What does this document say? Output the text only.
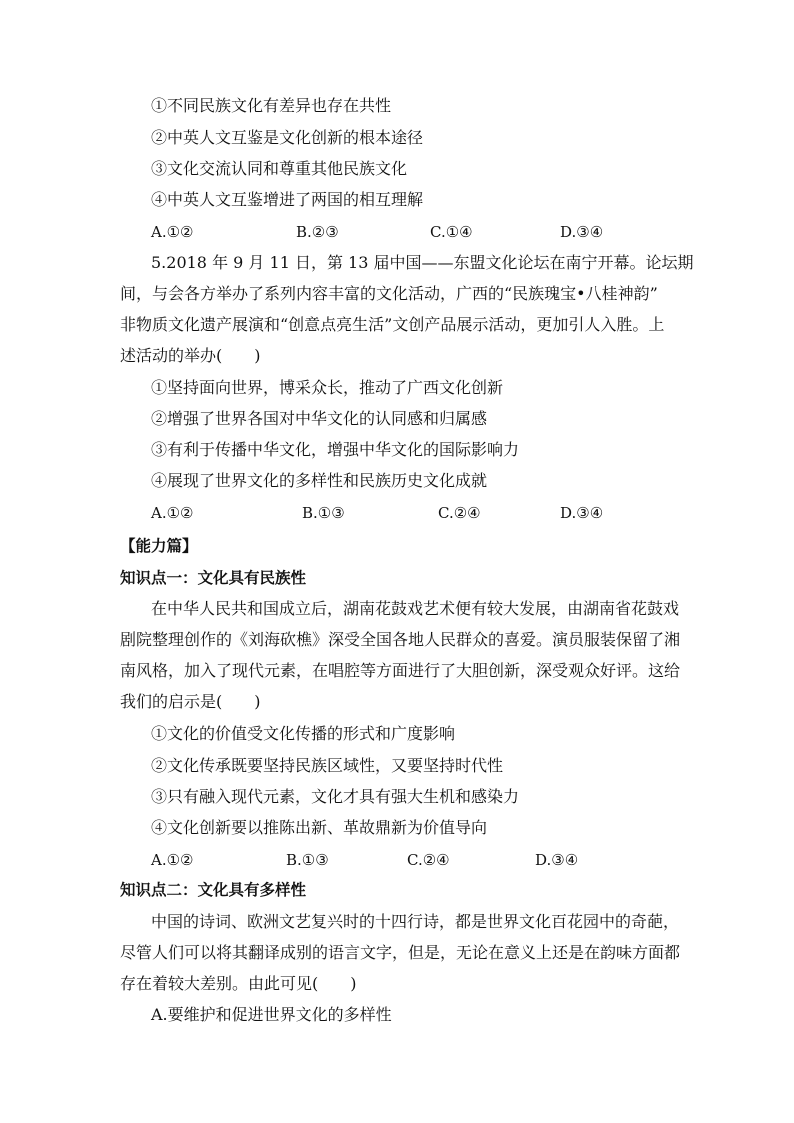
①不同民族文化有差异也存在共性
②中英人文互鉴是文化创新的根本途径
③文化交流认同和尊重其他民族文化
④中英人文互鉴增进了两国的相互理解
A.①②	B.②③	C.①④	D.③④
5.2018 年 9 月 11 日，第 13 届中国——东盟文化论坛在南宁开幕。论坛期
间，与会各方举办了系列内容丰富的文化活动，广西的“民族瑰宝•八桂神韵”
非物质文化遗产展演和“创意点亮生活”文创产品展示活动，更加引人入胜。上
述活动的举办(　　)
①坚持面向世界，博采众长，推动了广西文化创新
②增强了世界各国对中华文化的认同感和归属感
③有利于传播中华文化，增强中华文化的国际影响力
④展现了世界文化的多样性和民族历史文化成就
A.①②	B.①③	C.②④	D.③④
【能力篇】
知识点一：文化具有民族性
在中华人民共和国成立后，湖南花鼓戏艺术便有较大发展，由湖南省花鼓戏
剧院整理创作的《刘海砍樵》深受全国各地人民群众的喜爱。演员服装保留了湘
南风格，加入了现代元素，在唱腔等方面进行了大胆创新，深受观众好评。这给
我们的启示是(　　)
①文化的价值受文化传播的形式和广度影响
②文化传承既要坚持民族区域性，又要坚持时代性
③只有融入现代元素，文化才具有强大生机和感染力
④文化创新要以推陈出新、革故鼎新为价值导向
A.①②	B.①③	C.②④	D.③④
知识点二：文化具有多样性
中国的诗词、欧洲文艺复兴时的十四行诗，都是世界文化百花园中的奇葩，
尽管人们可以将其翻译成别的语言文字，但是，无论在意义上还是在韵味方面都
存在着较大差别。由此可见(　　)
A.要维护和促进世界文化的多样性
